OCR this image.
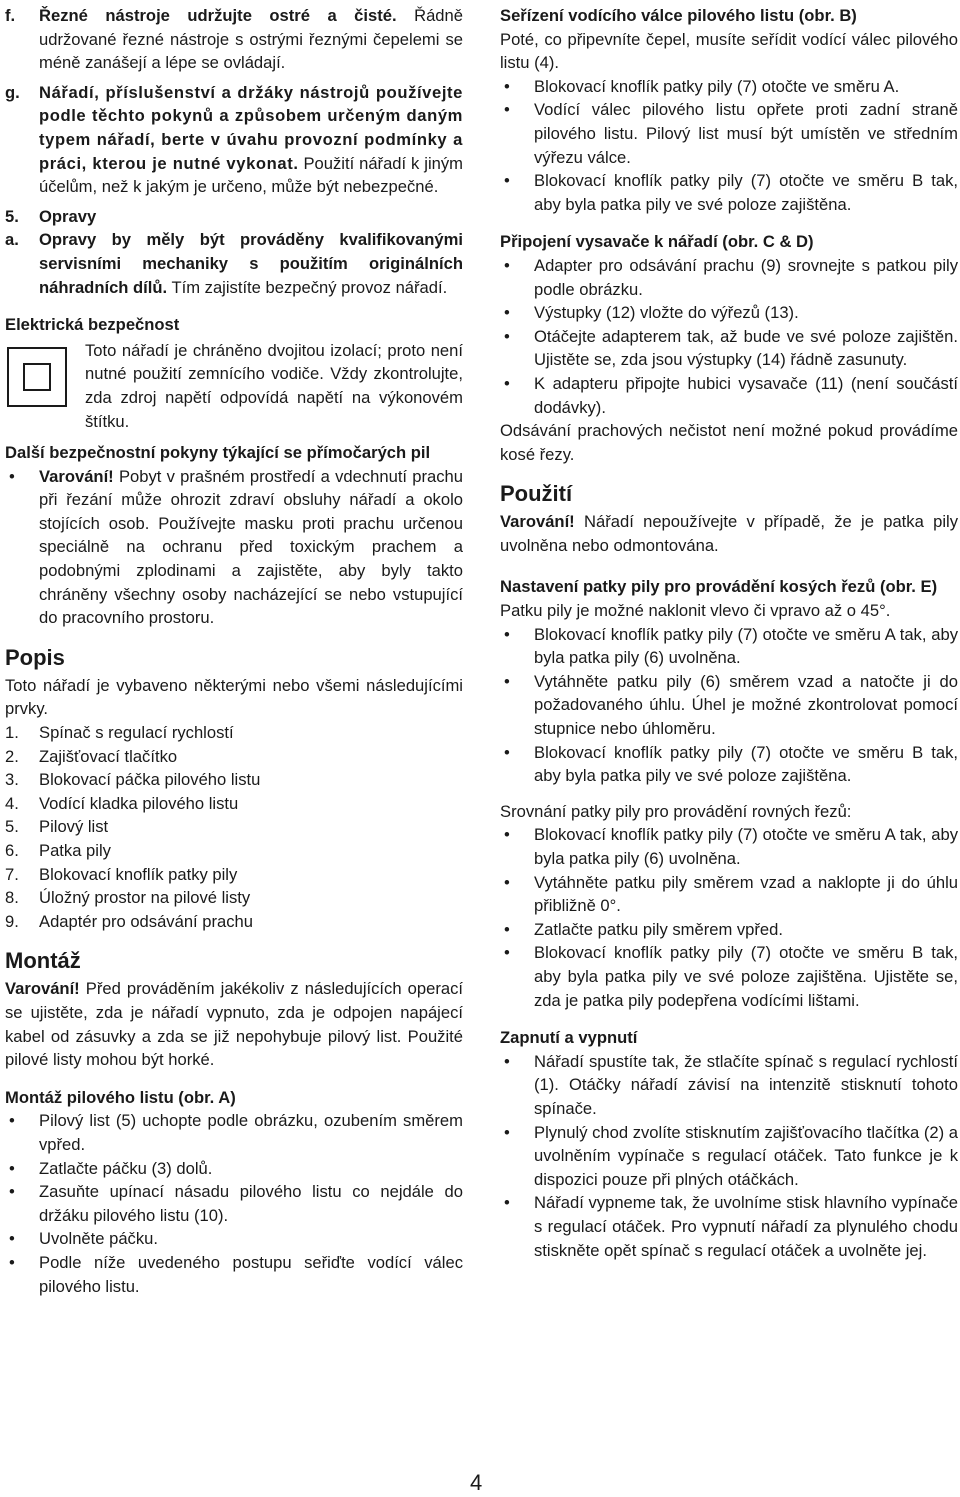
f.	Řezné nástroje udržujte ostré a čisté. Řádně udržované řezné nástroje s ostrými řeznými čepelemi se méně zanášejí a lépe se ovládají.
g.	Nářadí, příslušenství a držáky nástrojů používejte podle těchto pokynů a způsobem určeným daným typem nářadí, berte v úvahu provozní podmínky a práci, kterou je nutné vykonat. Použití nářadí k jiným účelům, než k jakým je určeno, může být nebezpečné.
5.	Opravy
a.	Opravy by měly být prováděny kvalifikovanými servisními mechaniky s použitím originálních náhradních dílů. Tím zajistíte bezpečný provoz nářadí.
Elektrická bezpečnost
Toto nářadí je chráněno dvojitou izolací; proto není nutné použití zemnícího vodiče. Vždy zkontrolujte, zda zdroj napětí odpovídá napětí na výkonovém štítku.
Další bezpečnostní pokyny týkající se přímočarých pil
•	Varování! Pobyt v prašném prostředí a vdechnutí prachu při řezání může ohrozit zdraví obsluhy nářadí a okolo stojících osob. Používejte masku proti prachu určenou speciálně na ochranu před toxickým prachem a podobnými zplodinami a zajistěte, aby byly takto chráněny všechny osoby nacházející se nebo vstupující do pracovního prostoru.
Popis

Toto nářadí je vybaveno některými nebo všemi následujícími prvky.

1.	Spínač s regulací rychlostí
2.	Zajišťovací tlačítko
3.	Blokovací páčka pilového listu
4.	Vodící kladka pilového listu
5.	Pilový list
6.	Patka pily
7.	Blokovací knoflík patky pily
8.	Úložný prostor na pilové listy
9.	Adaptér pro odsávání prachu
Montáž

Varování! Před prováděním jakékoliv z následujících operací se ujistěte, zda je nářadí vypnuto, zda je odpojen napájecí kabel od zásuvky a zda se již nepohybuje pilový list. Použité pilové listy mohou být horké.

Montáž pilového listu (obr. A)
•	Pilový list (5) uchopte podle obrázku, ozubením směrem vpřed.
•	Zatlačte páčku (3) dolů.
•	Zasuňte upínací násadu pilového listu co nejdále do držáku pilového listu (10).
•	Uvolněte páčku.
•	Podle níže uvedeného postupu seřiďte vodící válec pilového listu.
Seřízení vodícího válce pilového listu (obr. B)

Poté, co připevníte čepel, musíte seřídit vodící válec pilového listu (4).

•	Blokovací knoflík patky pily (7) otočte ve směru A.
•	Vodící válec pilového listu opřete proti zadní straně pilového listu. Pilový list musí být umístěn ve středním výřezu válce.
•	Blokovací knoflík patky pily (7) otočte ve směru B tak, aby byla patka pily ve své poloze zajištěna.
Připojení vysavače k nářadí (obr. C & D)
•	Adapter pro odsávání prachu (9) srovnejte s patkou pily podle obrázku.
•	Výstupky (12) vložte do výřezů (13).
•	Otáčejte adapterem tak, až bude ve své poloze zajištěn. Ujistěte se, zda jsou výstupky (14) řádně zasunuty.
•	K adapteru připojte hubici vysavače (11) (není součástí dodávky).

Odsávání prachových nečistot není možné pokud provádíme kosé řezy.

Použití

Varování! Nářadí nepoužívejte v případě, že je patka pily uvolněna nebo odmontována.

Nastavení patky pily pro provádění kosých řezů (obr. E)

Patku pily je možné naklonit vlevo či vpravo až o 45°.

•	Blokovací knoflík patky pily (7) otočte ve směru A tak, aby byla patka pily (6) uvolněna.
•	Vytáhněte patku pily (6) směrem vzad a natočte ji do požadovaného úhlu. Úhel je možné zkontrolovat pomocí stupnice nebo úhloměru.
•	Blokovací knoflík patky pily (7) otočte ve směru B tak, aby byla patka pily ve své poloze zajištěna.

Srovnání patky pily pro provádění rovných řezů:

•	Blokovací knoflík patky pily (7) otočte ve směru A tak, aby byla patka pily (6) uvolněna.
•	Vytáhněte patku pily směrem vzad a naklopte ji do úhlu přibližně 0°.
•	Zatlačte patku pily směrem vpřed.
•	Blokovací knoflík patky pily (7) otočte ve směru B tak, aby byla patka pily ve své poloze zajištěna. Ujistěte se, zda je patka pily podepřena vodícími lištami.
Zapnutí a vypnutí
•	Nářadí spustíte tak, že stlačíte spínač s regulací rychlostí (1). Otáčky nářadí závisí na intenzitě stisknutí tohoto spínače.
•	Plynulý chod zvolíte stisknutím zajišťovacího tlačítka (2) a uvolněním vypínače s regulací otáček. Tato funkce je k dispozici pouze při plných otáčkách.
•	Nářadí vypneme tak, že uvolníme stisk hlavního vypínače s regulací otáček. Pro vypnutí nářadí za plynulého chodu stiskněte opět spínač s regulací otáček a uvolněte jej.
4
